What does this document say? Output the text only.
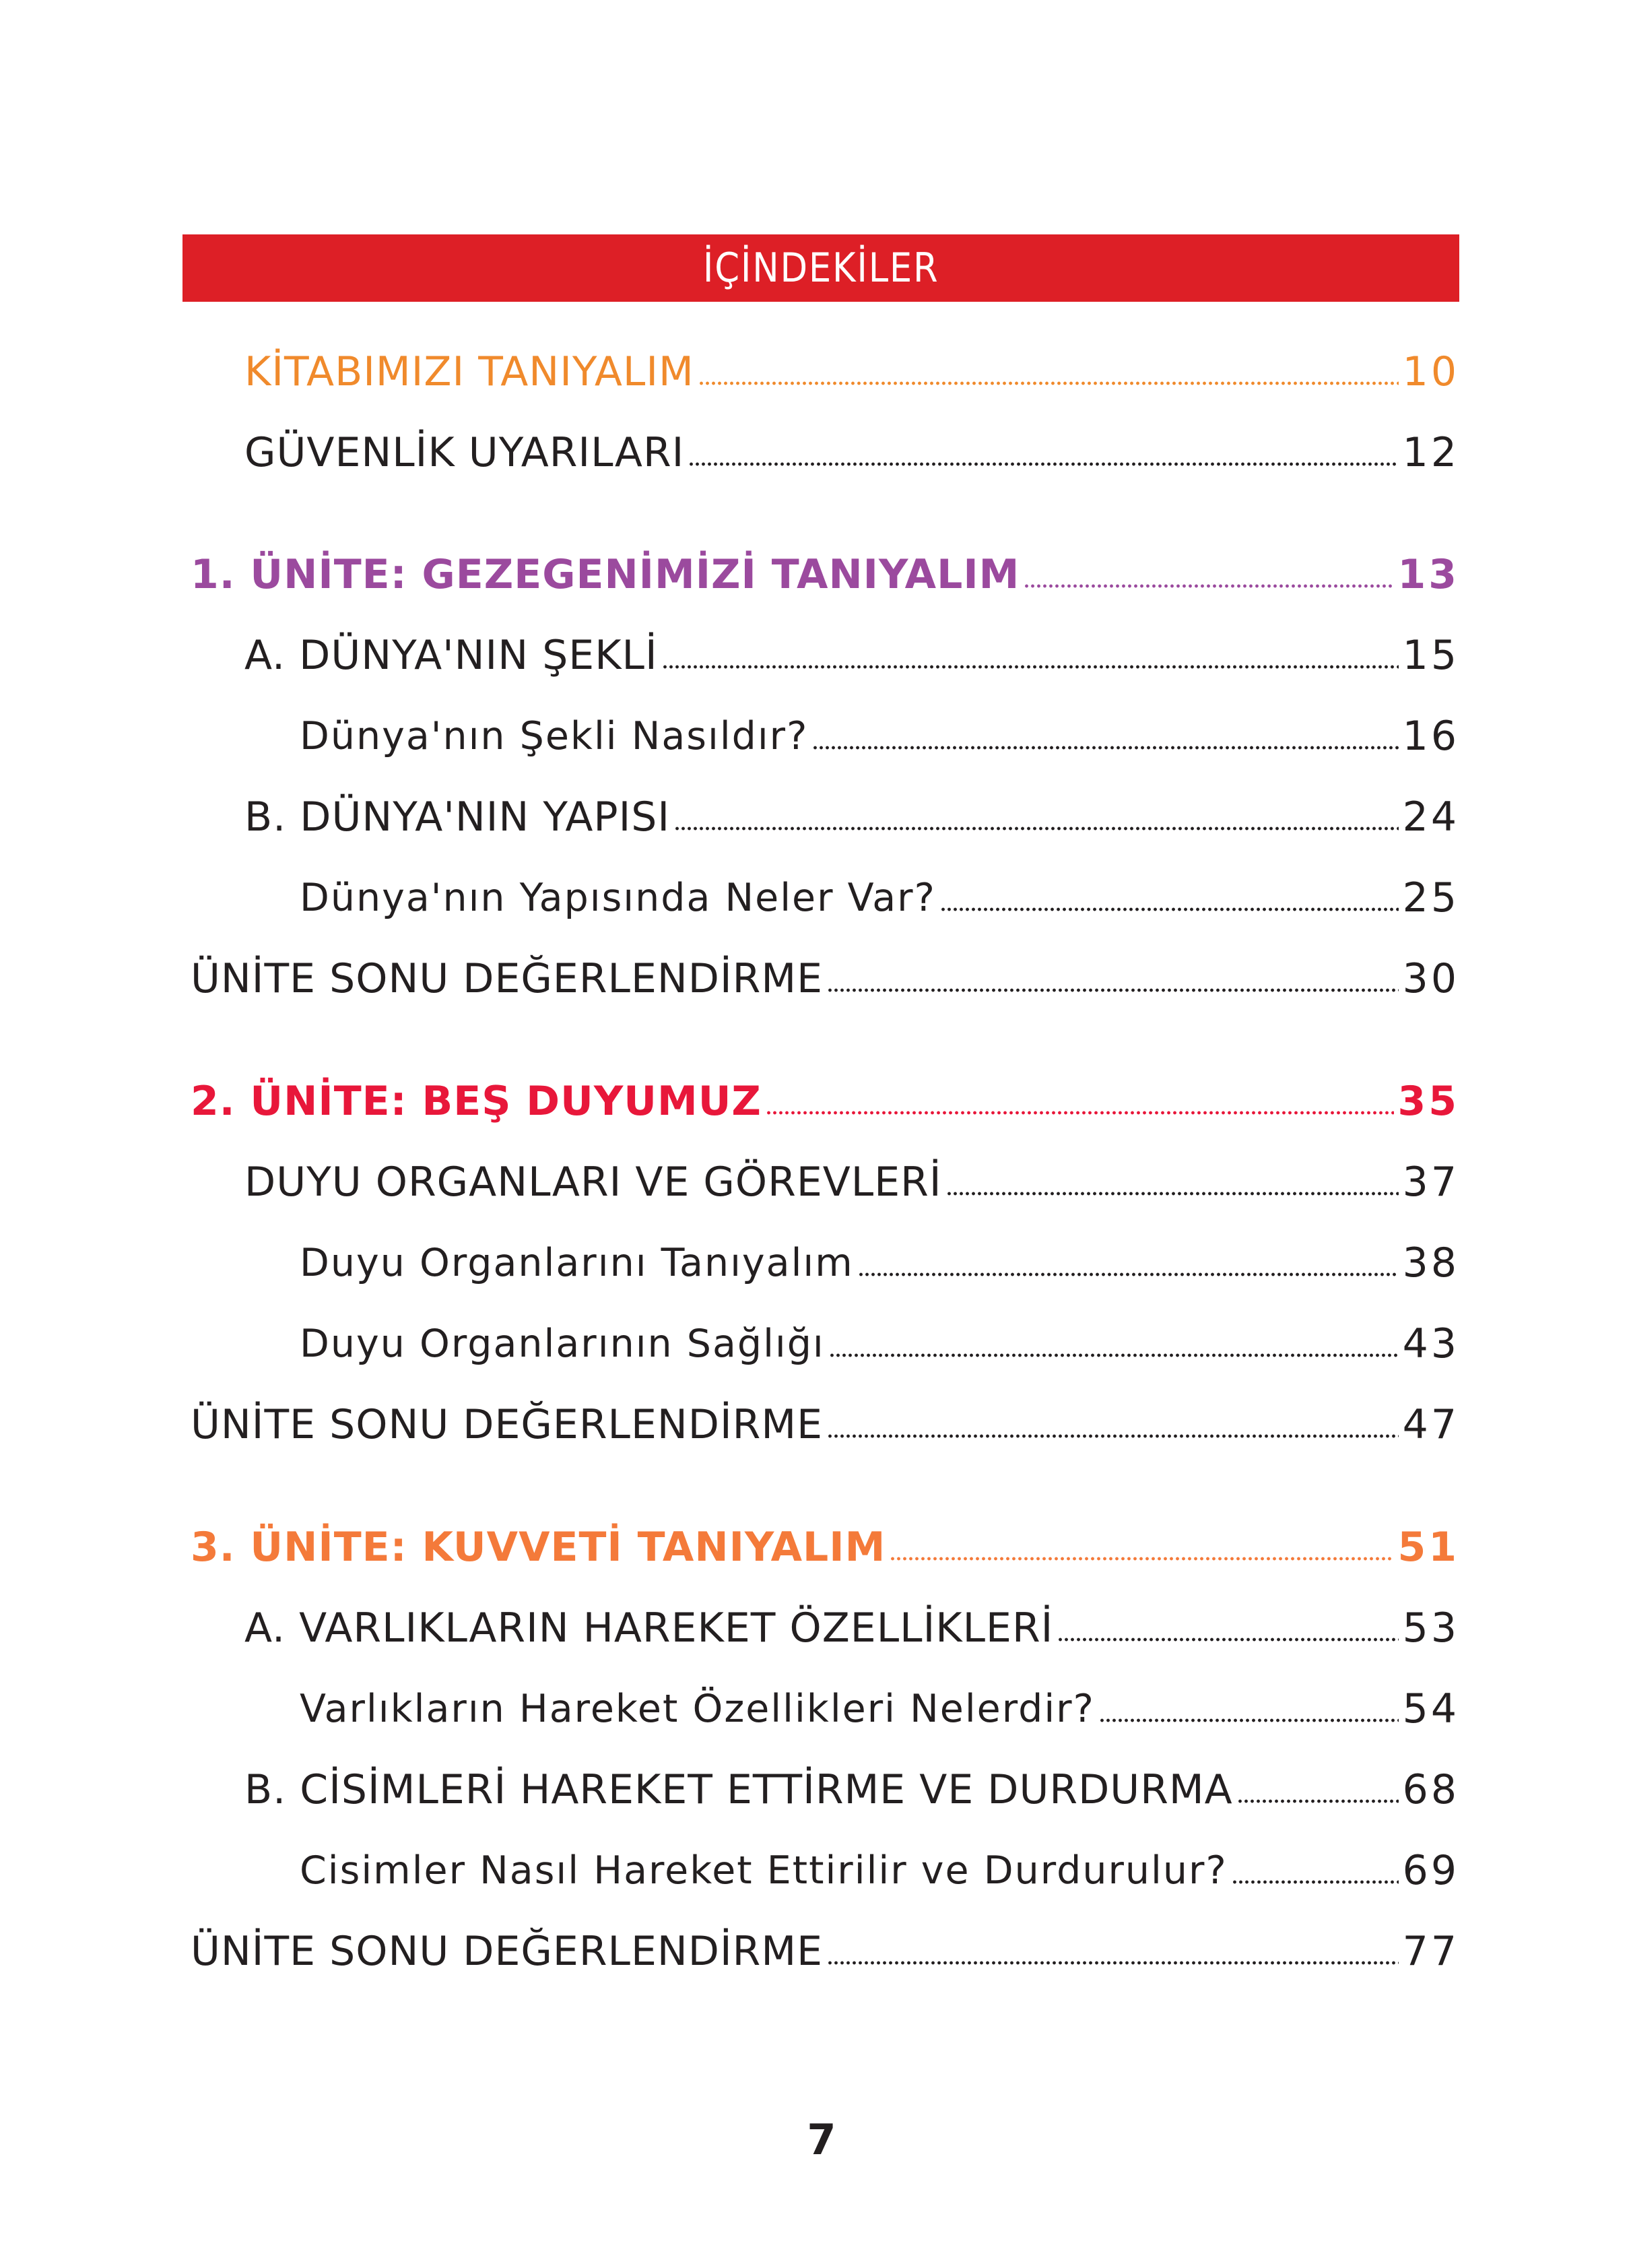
İÇİNDEKİLER
KİTABIMIZI TANIYALIM	10
GÜVENLİK UYARILARI	12
1. ÜNİTE: GEZEGENİMİZİ TANIYALIM	13
A. DÜNYA'NIN ŞEKLİ	15
Dünya'nın Şekli Nasıldır?	16
B. DÜNYA'NIN YAPISI	24
Dünya'nın Yapısında Neler Var?	25
ÜNİTE SONU DEĞERLENDİRME	30
2. ÜNİTE: BEŞ DUYUMUZ	35
DUYU ORGANLARI VE GÖREVLERİ	37
Duyu Organlarını Tanıyalım	38
Duyu Organlarının Sağlığı	43
ÜNİTE SONU DEĞERLENDİRME	47
3. ÜNİTE: KUVVETİ TANIYALIM	51
A. VARLIKLARIN HAREKET ÖZELLİKLERİ	53
Varlıkların Hareket Özellikleri Nelerdir?	54
B. CİSİMLERİ HAREKET ETTİRME VE DURDURMA	68
Cisimler Nasıl Hareket Ettirilir ve Durdurulur?	69
ÜNİTE SONU DEĞERLENDİRME	77
7
